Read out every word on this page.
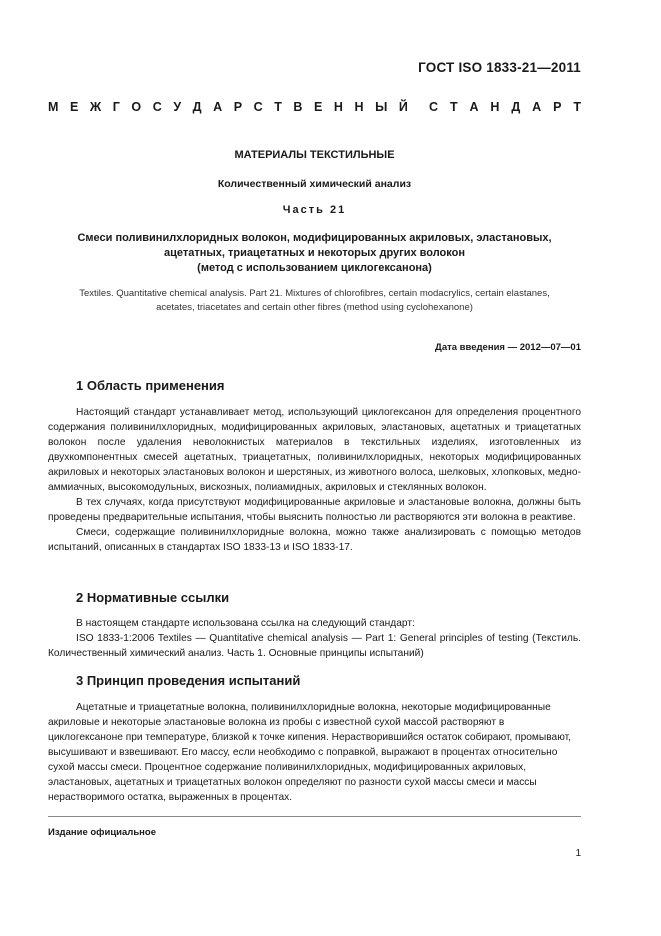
ГОСТ ISO 1833-21—2011
М Е Ж Г О С У Д А Р С Т В Е Н Н Ы Й С Т А Н Д А Р Т
МАТЕРИАЛЫ ТЕКСТИЛЬНЫЕ
Количественный химический анализ
Часть 21
Смеси поливинилхлоридных волокон, модифицированных акриловых, эластановых,
ацетатных, триацетатных и некоторых других волокон
(метод с использованием циклогексанона)
Textiles. Quantitative chemical analysis. Part 21. Mixtures of chlorofibres, certain modacrylics, certain elastanes,
acetates, triacetates and certain other fibres (method using cyclohexanone)
Дата введения — 2012—07—01
1 Область применения

Настоящий стандарт устанавливает метод, использующий циклогексанон для определения процентного содержания поливинилхлоридных, модифицированных акриловых, эластановых, ацетатных и триацетатных волокон после удаления неволокнистых материалов в текстильных изделиях, изготовленных из двухкомпонентных смесей ацетатных, триацетатных, поливинилхлоридных, некоторых модифицированных акриловых и некоторых эластановых волокон и шерстяных, из животного волоса, шелковых, хлопковых, медно-аммиачных, высокомодульных, вискозных, полиамидных, акриловых и стеклянных волокон.

В тех случаях, когда присутствуют модифицированные акриловые и эластановые волокна, должны быть проведены предварительные испытания, чтобы выяснить полностью ли растворяются эти волокна в реактиве.

Смеси, содержащие поливинилхлоридные волокна, можно также анализировать с помощью методов испытаний, описанных в стандартах ISO 1833-13 и ISO 1833-17.

2 Нормативные ссылки

В настоящем стандарте использована ссылка на следующий стандарт:

ISO 1833-1:2006 Textiles — Quantitative chemical analysis — Part 1: General principles of testing (Текстиль. Количественный химический анализ. Часть 1. Основные принципы испытаний)

3 Принцип проведения испытаний

Ацетатные и триацетатные волокна, поливинилхлоридные волокна, некоторые модифицированные акриловые и некоторые эластановые волокна из пробы с известной сухой массой растворяют в циклогексаноне при температуре, близкой к точке кипения. Нерастворившийся остаток собирают, промывают, высушивают и взвешивают. Его массу, если необходимо с поправкой, выражают в процентах относительно сухой массы смеси. Процентное содержание поливинилхлоридных, модифицированных акриловых, эластановых, ацетатных и триацетатных волокон определяют по разности сухой массы смеси и массы нерастворимого остатка, выраженных в процентах.

Издание официальное
1
